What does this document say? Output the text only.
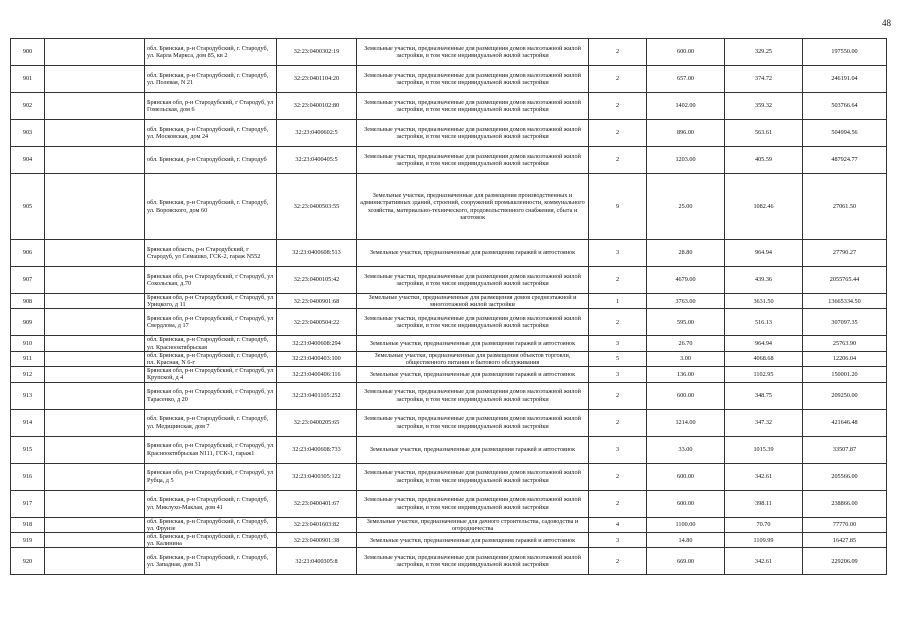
48
900		обл. Брянская, р-н Стародубский, г. Стародуб, ул. Карла Маркса, дом 85, кв 2	32:23:0400302:19	Земельные участки, предназначенные для размещения домов малоэтажной жилой застройки, в том числе индивидуальной жилой застройки	2	600.00	329.25	197550.00
901		обл. Брянская, р-н Стародубский, г. Стародуб, ул. Полевая, N 21	32:23:0401104:20	Земельные участки, предназначенные для размещения домов малоэтажной жилой застройки, в том числе индивидуальной жилой застройки	2	657.00	374.72	246191.04
902		Брянская обл, р-н Стародубский, г Стародуб, ул Гомельская, дом 6	32:23:0400102:80	Земельные участки, предназначенные для размещения домов малоэтажной жилой застройки, в том числе индивидуальной жилой застройки	2	1402.00	359.32	503766.64
903		обл. Брянская, р-н Стародубский, г. Стародуб, ул. Московская, дом 24	32:23:0400602:5	Земельные участки, предназначенные для размещения домов малоэтажной жилой застройки, в том числе индивидуальной жилой застройки	2	896.00	563.61	504994.56
904		обл. Брянская, р-н Стародубский, г. Стародуб	32:23:0400405:5	Земельные участки, предназначенные для размещения домов малоэтажной жилой застройки, в том числе индивидуальной жилой застройки	2	1203.00	405.59	487924.77
905		обл. Брянская, р-н Стародубский, г. Стародуб, ул. Воровского, дом 60	32:23:0400503:55	Земельные участки, предназначенные для размещения производственных и административных зданий, строений, сооружений промышленности, коммунального хозяйства, материально-технического, продовольственного снабжения, сбыта и заготовок	9	25.00	1082.46	27061.50
906		Брянская область, р-н Стародубский, г Стародуб, ул Семашко, ГСК-2, гараж N552	32:23:0400608:513	Земельные участки, предназначенные для размещения гаражей и автостоянок	3	28.80	964.94	27790.27
907		Брянская обл, р-н Стародубский, г Стародуб, ул Сокольская, д.70	32:23:0400105:42	Земельные участки, предназначенные для размещения домов малоэтажной жилой застройки, в том числе индивидуальной жилой застройки	2	4679.00	439.36	2055765.44
908		Брянская обл, р-н Стародубский, г Стародуб, ул Урицкого, д 11	32:23:0400901:68	Земельные участки, предназначенные для размещения домов среднеэтажной и многоэтажной жилой застройки	1	3763.00	3631.50	13665334.50
909		Брянская обл, р-н Стародубский, г Стародуб, ул Свердлова, д 17	32:23:0400504:22	Земельные участки, предназначенные для размещения домов малоэтажной жилой застройки, в том числе индивидуальной жилой застройки	2	595.00	516.13	307097.35
910		обл. Брянская, р-н Стародубский, г. Стародуб, ул. Краснооктябрьская	32:23:0400608:294	Земельные участки, предназначенные для размещения гаражей и автостоянок	3	26.70	964.94	25763.90
911		обл. Брянская, р-н Стародубский, г. Стародуб, пл. Красная, N 6-г	32:23:0400403:100	Земельные участки, предназначенные для размещения объектов торговли, общественного питания и бытового обслуживания	5	3.00	4068.68	12206.04
912		Брянская обл, р-н Стародубский, г Стародуб, ул Крупской, д 4	32:23:0400406:116	Земельные участки, предназначенные для размещения гаражей и автостоянок	3	136.00	1102.95	150001.20
913		Брянская обл, р-н Стародубский, г Стародуб, ул Тарасенко, д 20	32:23:0401105:252	Земельные участки, предназначенные для размещения домов малоэтажной жилой застройки, в том числе индивидуальной жилой застройки	2	600.00	348.75	209250.00
914		обл. Брянская, р-н Стародубский, г. Стародуб, ул. Медицинская, дом 7	32:23:0400205:65	Земельные участки, предназначенные для размещения домов малоэтажной жилой застройки, в том числе индивидуальной жилой застройки	2	1214.00	347.32	421646.48
915		Брянская обл, р-н Стародубский, г Стародуб, ул Краснооктябрьская N111, ГСК-1, гараж1	32:23:0400608:733	Земельные участки, предназначенные для размещения гаражей и автостоянок	3	33.00	1015.39	33507.87
916		Брянская обл, р-н Стародубский, г Стародуб, ул Рубца, д 5	32:23:0400305:122	Земельные участки, предназначенные для размещения домов малоэтажной жилой застройки, в том числе индивидуальной жилой застройки	2	600.00	342.61	205566.00
917		обл. Брянская, р-н Стародубский, г. Стародуб, ул. Миклухо-Маклая, дом 41	32:23:0400401:67	Земельные участки, предназначенные для размещения домов малоэтажной жилой застройки, в том числе индивидуальной жилой застройки	2	600.00	398.11	238866.00
918		обл. Брянская, р-н Стародубский, г. Стародуб, ул. Фрунзе	32:23:0401603:82	Земельные участки, предназначенные для дачного строительства, садоводства и огородничества	4	1100.00	70.70	77770.00
919		обл. Брянская, р-н Стародубский, г. Стародуб, ул. Калинина	32:23:0400901:38	Земельные участки, предназначенные для размещения гаражей и автостоянок	3	14.80	1109.99	16427.85
920		обл. Брянская, р-н Стародубский, г. Стародуб, ул. Западная, дом 31	32:23:0400305:8	Земельные участки, предназначенные для размещения домов малоэтажной жилой застройки, в том числе индивидуальной жилой застройки	2	669.00	342.61	229206.09
